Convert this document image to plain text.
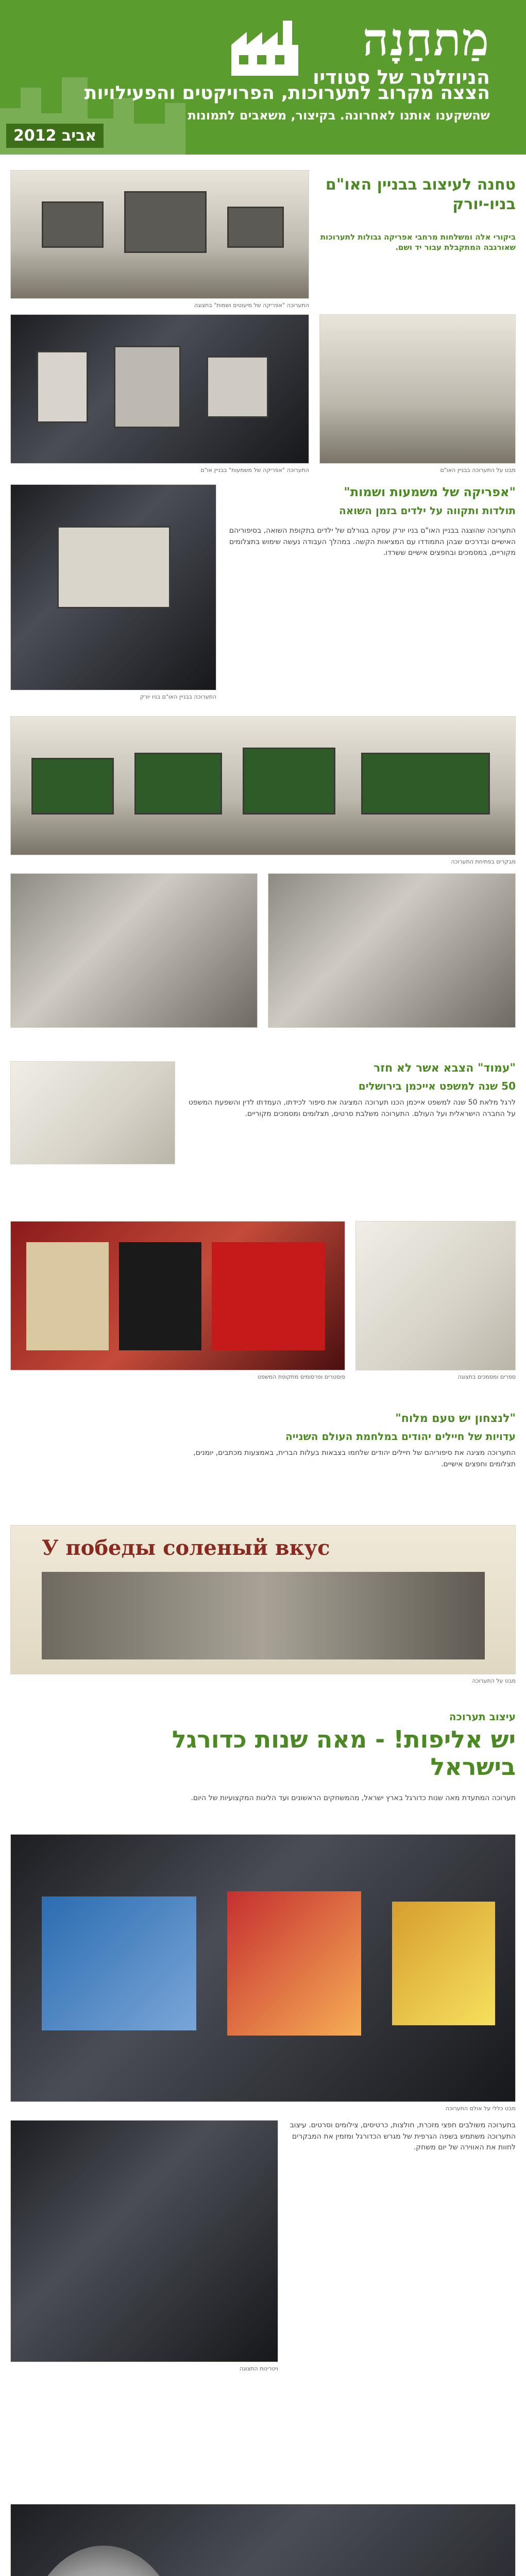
מַתחַנָה
הניוזלטר של סטודיו
הצצה מקרוב לתערוכות, הפרויקטים והפעילויות
שהשקענו אותנו לאחרונה. בקיצור, משאבים לתמונות
אביב 2012
טחנה לעיצוב בבניין האו"ם בניו-יורק
ביקורי אלה ומשלחות מרחבי אפריקה גבולות לתערוכות שאורגבה המתקבלת עבור יד ושם.
התערוכה "אפריקה של מיעוטים ושמות" בתצוגה
התערוכה "אפריקה של משמעות" בבניין או"ם	מבט על התערוכה בבניין האו"ם
"אפריקה של משמעות ושמות"
תולדות ותקווה על ילדים בזמן השואה
התערוכה שהוצגה בבניין האו"ם בניו יורק עסקה בגורלם של ילדים בתקופת השואה, בסיפוריהם האישיים ובדרכים שבהן התמודדו עם המציאות הקשה. במהלך העבודה נעשה שימוש בתצלומים מקוריים, במסמכים ובחפצים אישיים ששרדו.
התערוכה בבניין האו"ם בניו יורק
מבקרים בפתיחת התערוכה
"עמוד" הצבא אשר לא חזר
50 שנה למשפט אייכמן בירושלים
לרגל מלאת 50 שנה למשפט אייכמן הכנו תערוכה המציגה את סיפור לכידתו, העמדתו לדין והשפעת המשפט על החברה הישראלית ועל העולם. התערוכה משלבת סרטים, תצלומים ומסמכים מקוריים.
פוסטרים ופרסומים מתקופת המשפט	ספרים ומסמכים בתצוגה
"לנצחון יש טעם מלוח"
עדויות של חיילים יהודים במלחמת העולם השנייה
התערוכה מציגה את סיפוריהם של חיילים יהודים שלחמו בצבאות בעלות הברית, באמצעות מכתבים, יומנים, תצלומים וחפצים אישיים.
У победы соленый вкус
מבט על התערוכה
עיצוב תערוכה
יש אליפות! - מאה שנות כדורגל בישראל
תערוכה המתעדת מאה שנות כדורגל בארץ ישראל, מהמשחקים הראשונים ועד הליגות המקצועיות של היום.
מבט כללי על אולם התערוכה
בתערוכה משולבים חפצי מזכרת, חולצות, כרטיסים, צילומים וסרטים. עיצוב התערוכה משתמש בשפה הגרפית של מגרש הכדורגל ומזמין את המבקרים לחוות את האווירה של יום משחק.
ויטרינות התצוגה
